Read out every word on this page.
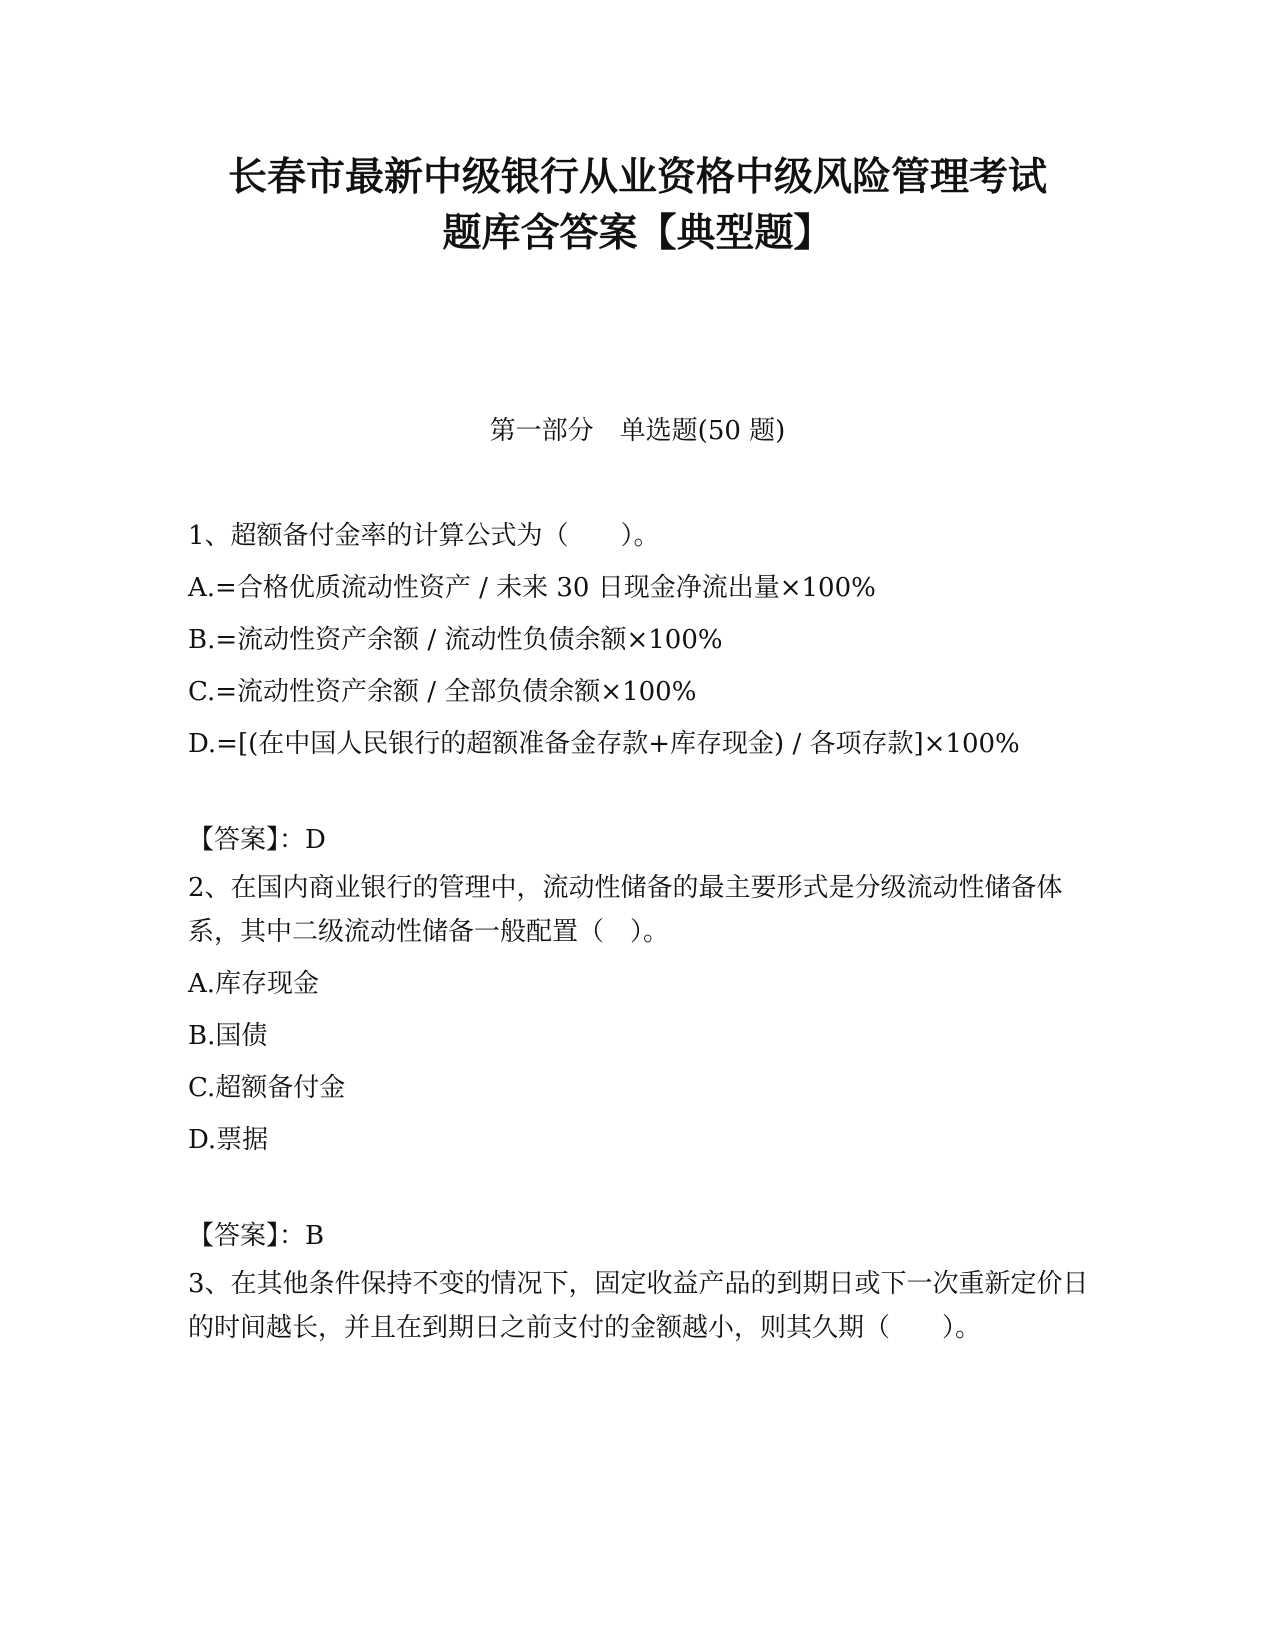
长春市最新中级银行从业资格中级风险管理考试
题库含答案【典型题】
第一部分　单选题(50 题)

1、超额备付金率的计算公式为（　　）。

A.=合格优质流动性资产 / 未来 30 日现金净流出量×100%

B.=流动性资产余额 / 流动性负债余额×100%

C.=流动性资产余额 / 全部负债余额×100%

D.=[(在中国人民银行的超额准备金存款+库存现金) / 各项存款]×100%

【答案】：D

2、在国内商业银行的管理中，流动性储备的最主要形式是分级流动性储备体系，其中二级流动性储备一般配置（　）。

A.库存现金

B.国债

C.超额备付金

D.票据

【答案】：B

3、在其他条件保持不变的情况下，固定收益产品的到期日或下一次重新定价日的时间越长，并且在到期日之前支付的金额越小，则其久期（　　）。
